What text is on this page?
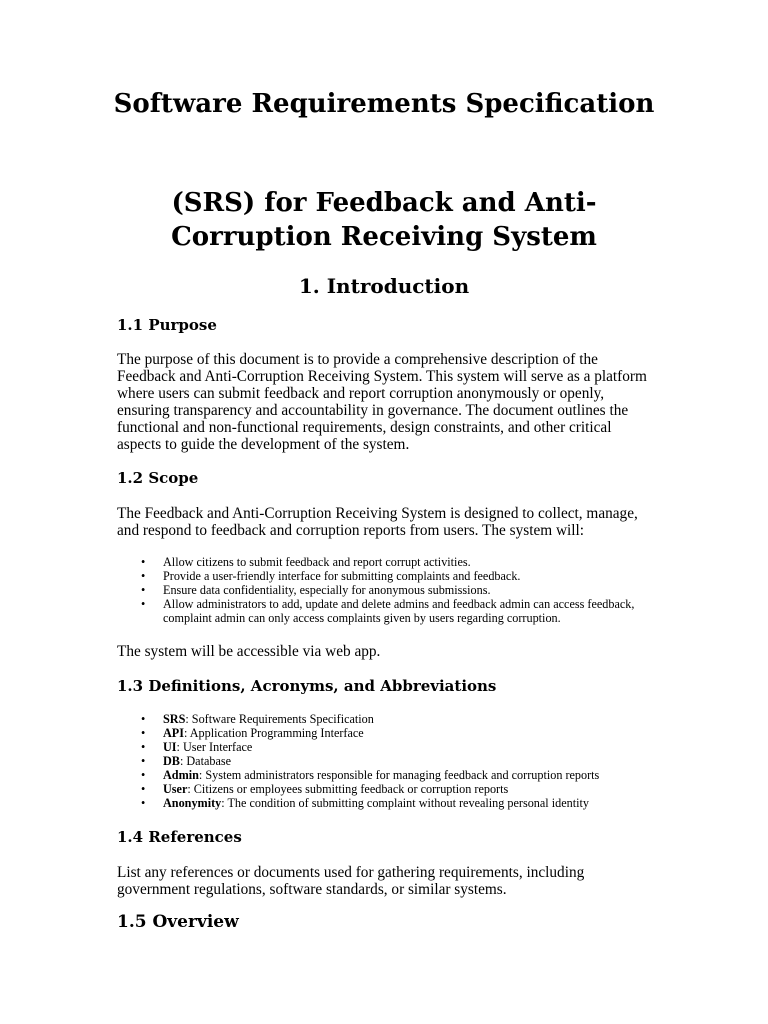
Software Requirements Specification
(SRS) for Feedback and Anti-Corruption Receiving System
1. Introduction
1.1 Purpose

The purpose of this document is to provide a comprehensive description of the Feedback and Anti-Corruption Receiving System. This system will serve as a platform where users can submit feedback and report corruption anonymously or openly, ensuring transparency and accountability in governance. The document outlines the functional and non-functional requirements, design constraints, and other critical aspects to guide the development of the system.

1.2 Scope

The Feedback and Anti-Corruption Receiving System is designed to collect, manage, and respond to feedback and corruption reports from users. The system will:

• Allow citizens to submit feedback and report corrupt activities.
• Provide a user-friendly interface for submitting complaints and feedback.
• Ensure data confidentiality, especially for anonymous submissions.
• Allow administrators to add, update and delete admins and feedback admin can access feedback, complaint admin can only access complaints given by users regarding corruption.

The system will be accessible via web app.

1.3 Definitions, Acronyms, and Abbreviations
• SRS: Software Requirements Specification
• API: Application Programming Interface
• UI: User Interface
• DB: Database
• Admin: System administrators responsible for managing feedback and corruption reports
• User: Citizens or employees submitting feedback or corruption reports
• Anonymity: The condition of submitting complaint without revealing personal identity
1.4 References

List any references or documents used for gathering requirements, including government regulations, software standards, or similar systems.

1.5 Overview
